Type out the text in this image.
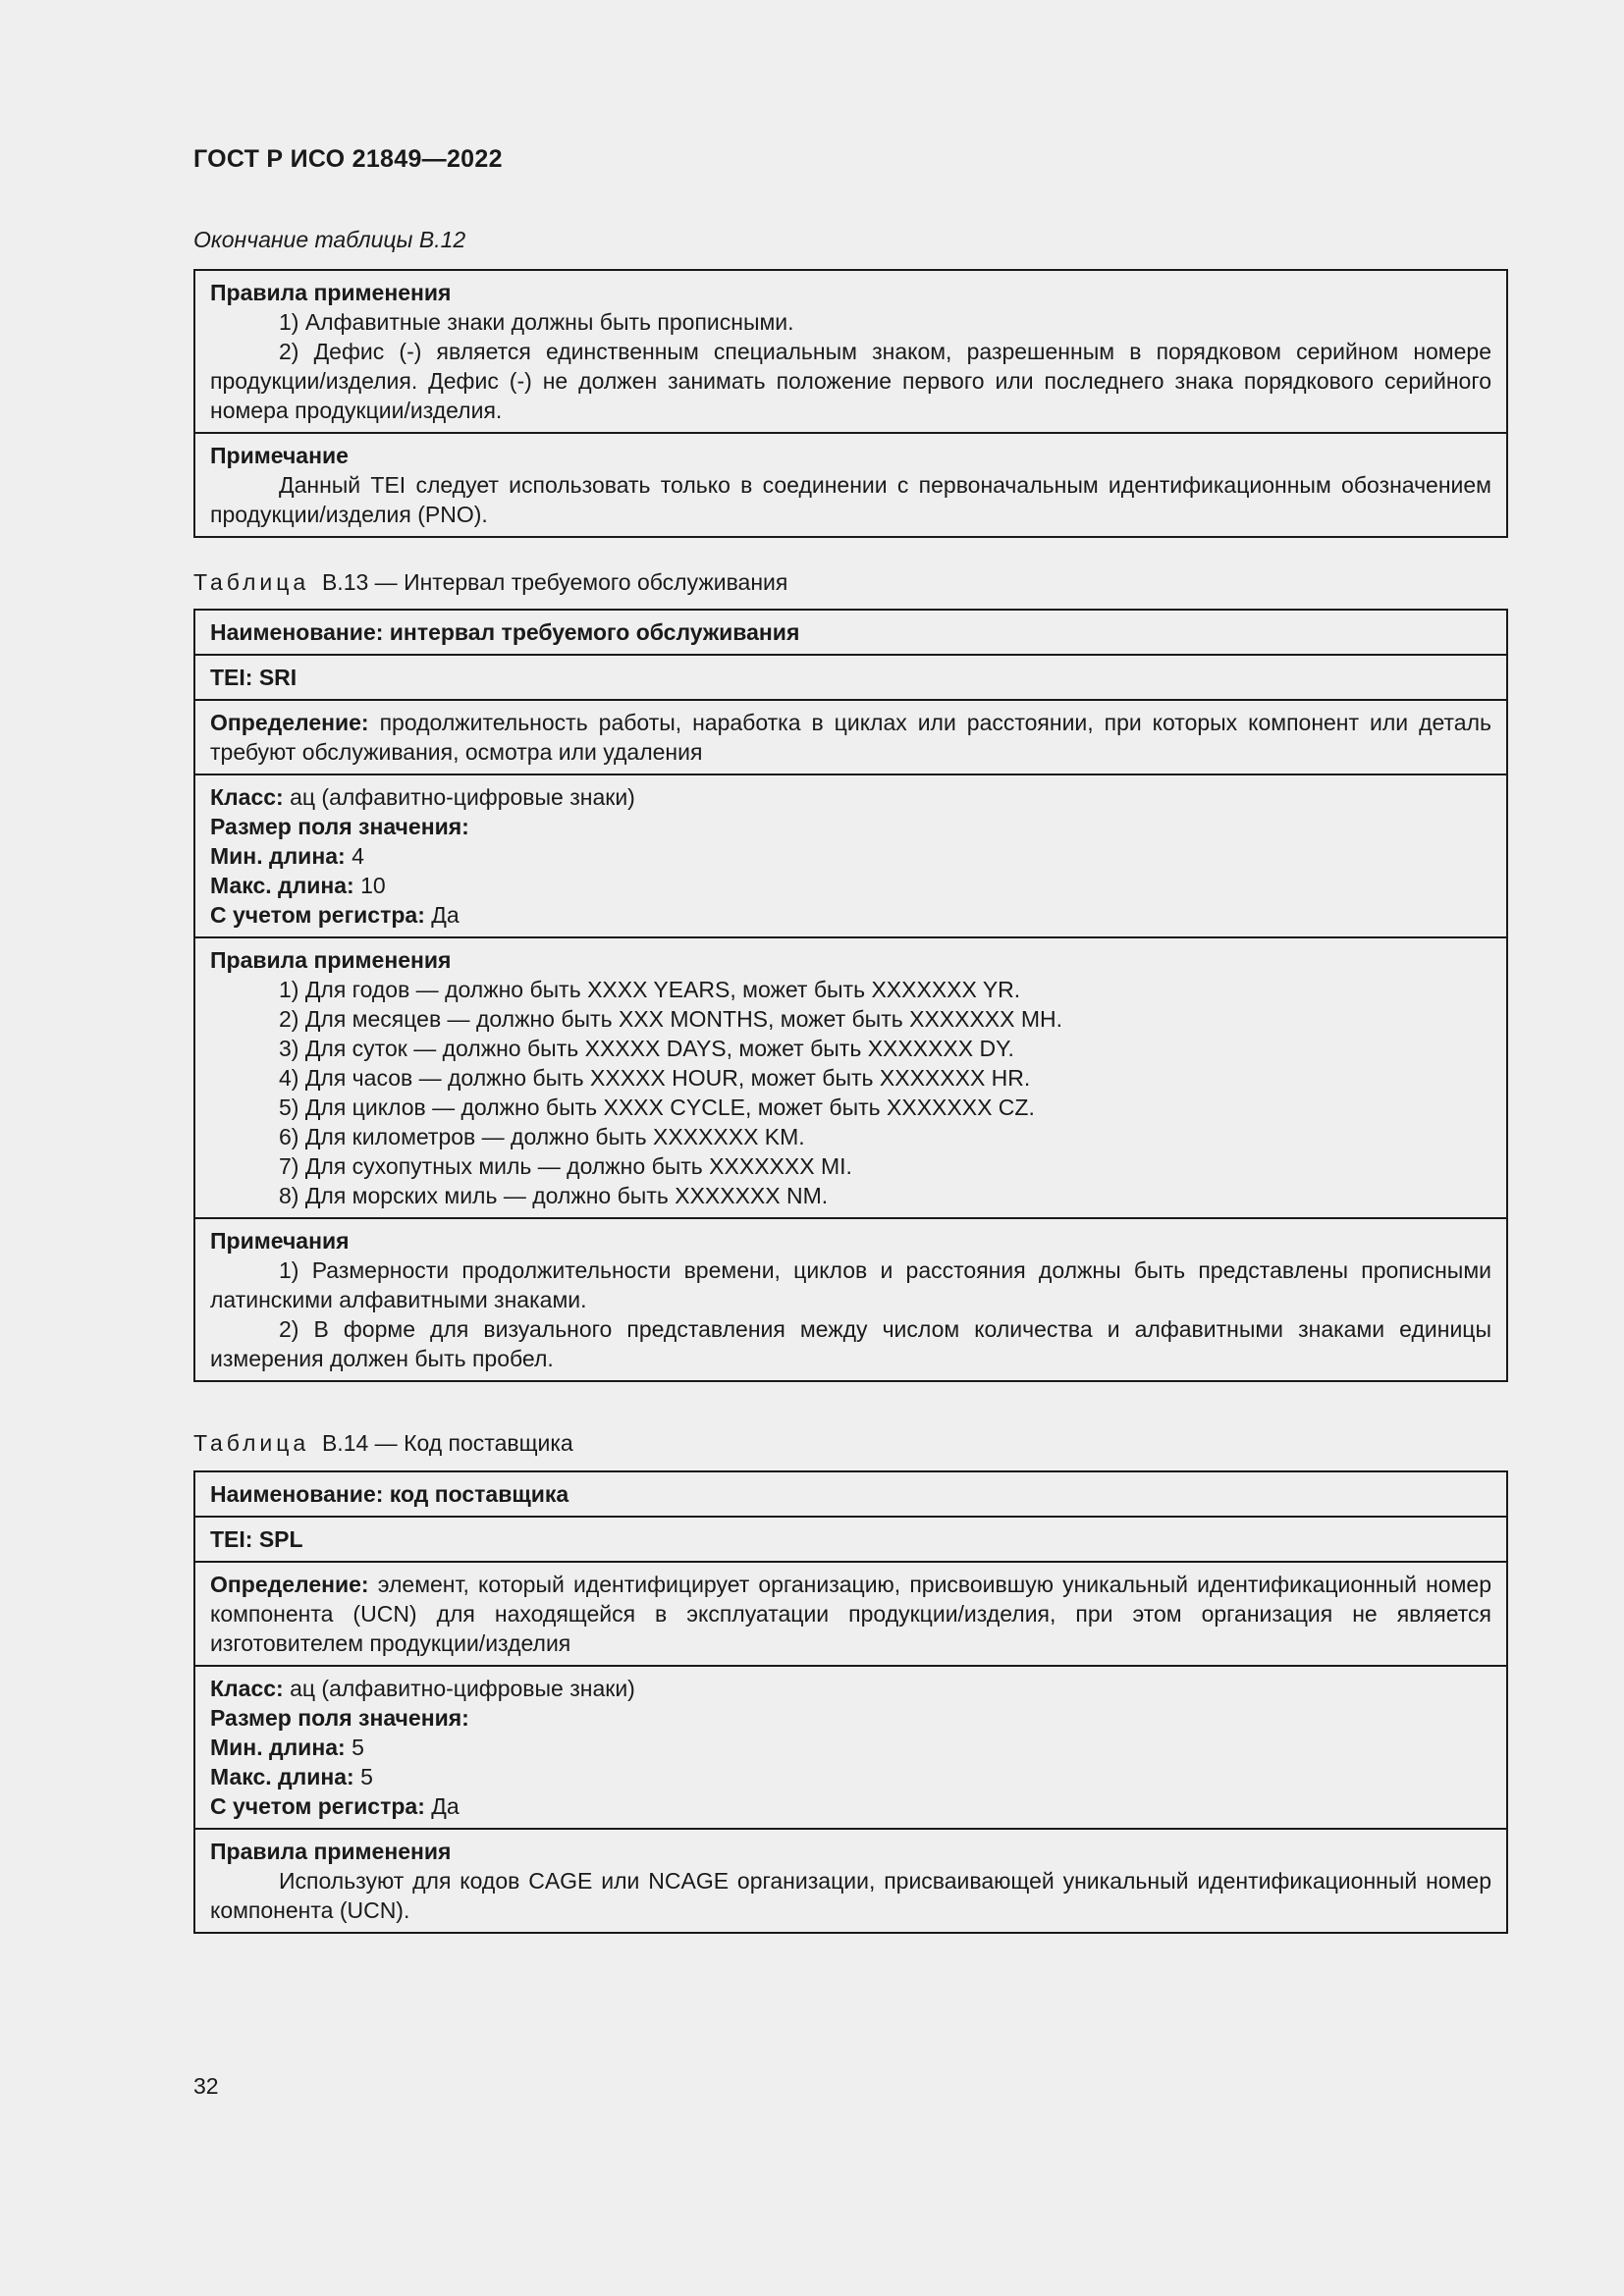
ГОСТ Р ИСО 21849—2022
Окончание таблицы B.12

Правила применения

1) Алфавитные знаки должны быть прописными.

2) Дефис (-) является единственным специальным знаком, разрешенным в порядковом серийном номере продукции/изделия. Дефис (-) не должен занимать положение первого или последнего знака порядкового серийного номера продукции/изделия.

Примечание

Данный TEI следует использовать только в соединении с первоначальным идентификационным обозначением продукции/изделия (PNO).

Таблица B.13 — Интервал требуемого обслуживания
Наименование: интервал требуемого обслуживания
TEI: SRI

Определение: продолжительность работы, наработка в циклах или расстоянии, при которых компонент или деталь требуют обслуживания, осмотра или удаления

Класс: ац (алфавитно-цифровые знаки)

Размер поля значения:

Мин. длина: 4

Макс. длина: 10

С учетом регистра: Да

Правила применения

1) Для годов — должно быть XXXX YEARS, может быть XXXXXXX YR.

2) Для месяцев — должно быть XXX MONTHS, может быть XXXXXXX MH.

3) Для суток — должно быть XXXXX DAYS, может быть XXXXXXX DY.

4) Для часов — должно быть XXXXX HOUR, может быть XXXXXXX HR.

5) Для циклов — должно быть XXXX CYCLE, может быть XXXXXXX CZ.

6) Для километров — должно быть XXXXXXX KM.

7) Для сухопутных миль — должно быть XXXXXXX MI.

8) Для морских миль — должно быть XXXXXXX NM.

Примечания

1) Размерности продолжительности времени, циклов и расстояния должны быть представлены прописными латинскими алфавитными знаками.

2) В форме для визуального представления между числом количества и алфавитными знаками единицы измерения должен быть пробел.

Таблица B.14 — Код поставщика
Наименование: код поставщика
TEI: SPL

Определение: элемент, который идентифицирует организацию, присвоившую уникальный идентификационный номер компонента (UCN) для находящейся в эксплуатации продукции/изделия, при этом организация не является изготовителем продукции/изделия

Класс: ац (алфавитно-цифровые знаки)

Размер поля значения:

Мин. длина: 5

Макс. длина: 5

С учетом регистра: Да

Правила применения

Используют для кодов CAGE или NCAGE организации, присваивающей уникальный идентификационный номер компонента (UCN).

32
